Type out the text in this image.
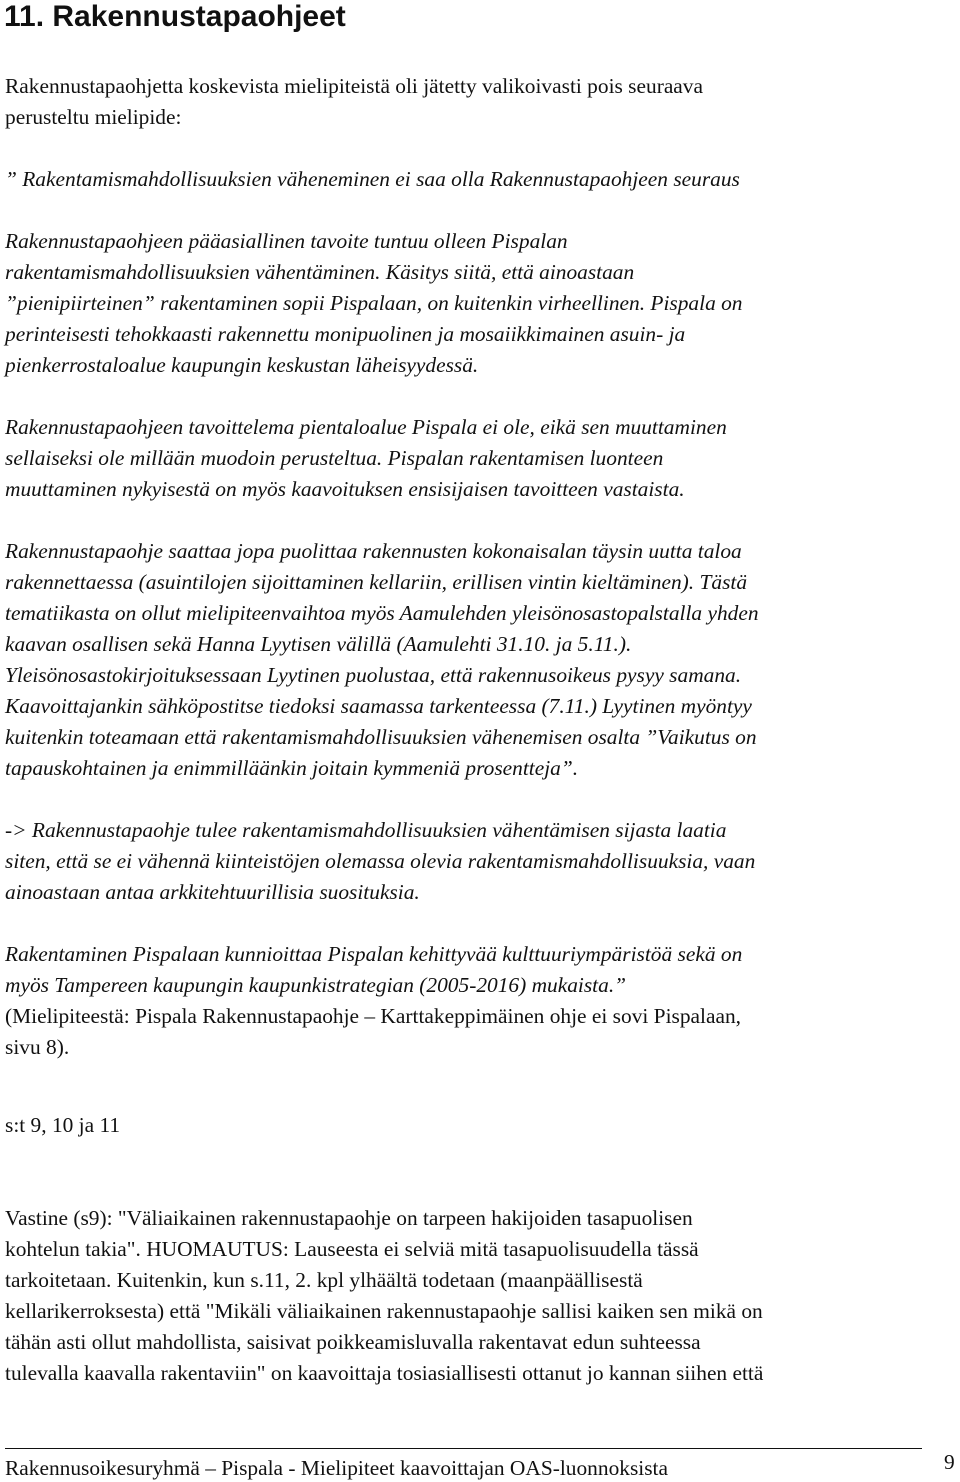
11. Rakennustapaohjeet
Rakennustapaohjetta koskevista mielipiteistä oli jätetty valikoivasti pois seuraava
perusteltu mielipide:
” Rakentamismahdollisuuksien väheneminen ei saa olla Rakennustapaohjeen seuraus
Rakennustapaohjeen pääasiallinen tavoite tuntuu olleen Pispalan
rakentamismahdollisuuksien vähentäminen. Käsitys siitä, että ainoastaan
”pienipiirteinen” rakentaminen sopii Pispalaan, on kuitenkin virheellinen. Pispala on
perinteisesti tehokkaasti rakennettu monipuolinen ja mosaiikkimainen asuin- ja
pienkerrostaloalue kaupungin keskustan läheisyydessä.
Rakennustapaohjeen tavoittelema pientaloalue Pispala ei ole, eikä sen muuttaminen
sellaiseksi ole millään muodoin perusteltua. Pispalan rakentamisen luonteen
muuttaminen nykyisestä on myös kaavoituksen ensisijaisen tavoitteen vastaista.
Rakennustapaohje saattaa jopa puolittaa rakennusten kokonaisalan täysin uutta taloa
rakennettaessa (asuintilojen sijoittaminen kellariin, erillisen vintin kieltäminen). Tästä
tematiikasta on ollut mielipiteenvaihtoa myös Aamulehden yleisönosastopalstalla yhden
kaavan osallisen sekä Hanna Lyytisen välillä (Aamulehti 31.10. ja 5.11.).
Yleisönosastokirjoituksessaan Lyytinen puolustaa, että rakennusoikeus pysyy samana.
Kaavoittajankin sähköpostitse tiedoksi saamassa tarkenteessa (7.11.) Lyytinen myöntyy
kuitenkin toteamaan että rakentamismahdollisuuksien vähenemisen osalta ”Vaikutus on
tapauskohtainen ja enimmilläänkin joitain kymmeniä prosentteja”.
-> Rakennustapaohje tulee rakentamismahdollisuuksien vähentämisen sijasta laatia
siten, että se ei vähennä kiinteistöjen olemassa olevia rakentamismahdollisuuksia, vaan
ainoastaan antaa arkkitehtuurillisia suosituksia.
Rakentaminen Pispalaan kunnioittaa Pispalan kehittyvää kulttuuriympäristöä sekä on
myös Tampereen kaupungin kaupunkistrategian (2005-2016) mukaista.”
(Mielipiteestä: Pispala Rakennustapaohje – Karttakeppimäinen ohje ei sovi Pispalaan,
sivu 8).
s:t 9, 10 ja 11
Vastine (s9): "Väliaikainen rakennustapaohje on tarpeen hakijoiden tasapuolisen
kohtelun takia". HUOMAUTUS: Lauseesta ei selviä mitä tasapuolisuudella tässä
tarkoitetaan. Kuitenkin, kun s.11, 2. kpl ylhäältä todetaan (maanpäällisestä
kellarikerroksesta) että "Mikäli väliaikainen rakennustapaohje sallisi kaiken sen mikä on
tähän asti ollut mahdollista, saisivat poikkeamisluvalla rakentavat edun suhteessa
tulevalla kaavalla rakentaviin" on kaavoittaja tosiasiallisesti ottanut jo kannan siihen että
Rakennusoikesuryhmä – Pispala - Mielipiteet kaavoittajan OAS-luonnoksista	9
